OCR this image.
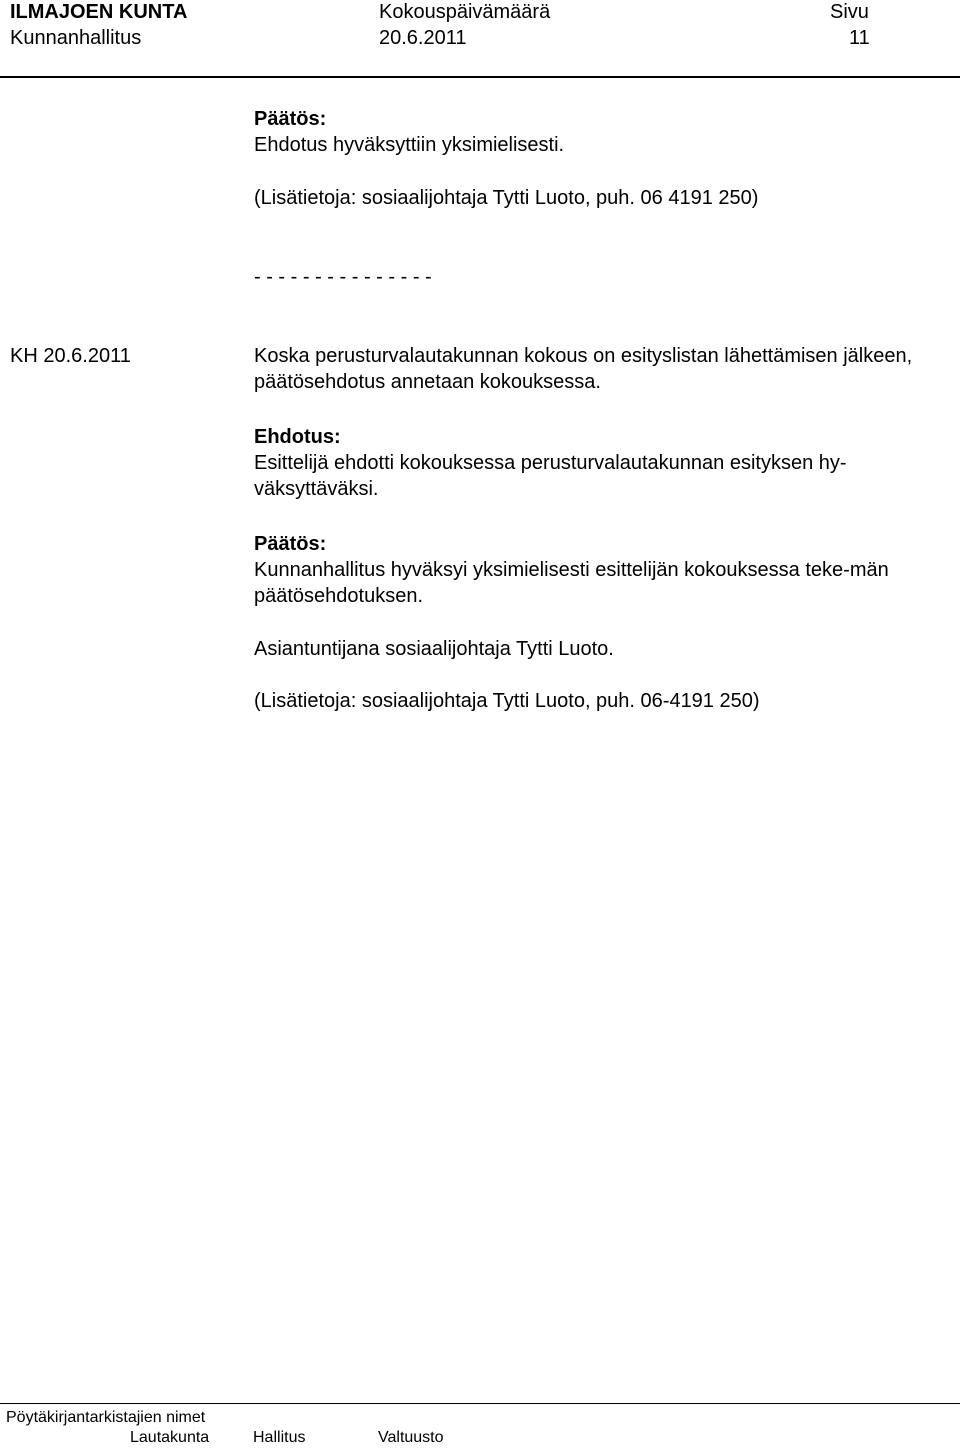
ILMAJOEN KUNTA
Kunnanhallitus
Kokouspäivämäärä
20.6.2011
Sivu
11
Päätös:
Ehdotus hyväksyttiin yksimielisesti.
(Lisätietoja: sosiaalijohtaja Tytti Luoto, puh. 06 4191 250)
- - - - - - - - - - - - - - -
KH 20.6.2011	Koska perusturvalautakunnan kokous on esityslistan lähettämisen jälkeen, päätösehdotus annetaan kokouksessa.
Ehdotus:
Esittelijä ehdotti kokouksessa perusturvalautakunnan esityksen hy-väksyttäväksi.
Päätös:
Kunnanhallitus hyväksyi yksimielisesti esittelijän kokouksessa teke-män päätösehdotuksen.
Asiantuntijana sosiaalijohtaja Tytti Luoto.
(Lisätietoja: sosiaalijohtaja Tytti Luoto, puh. 06-4191 250)
Pöytäkirjantarkistajien nimet
Lautakunta	Hallitus	Valtuusto
